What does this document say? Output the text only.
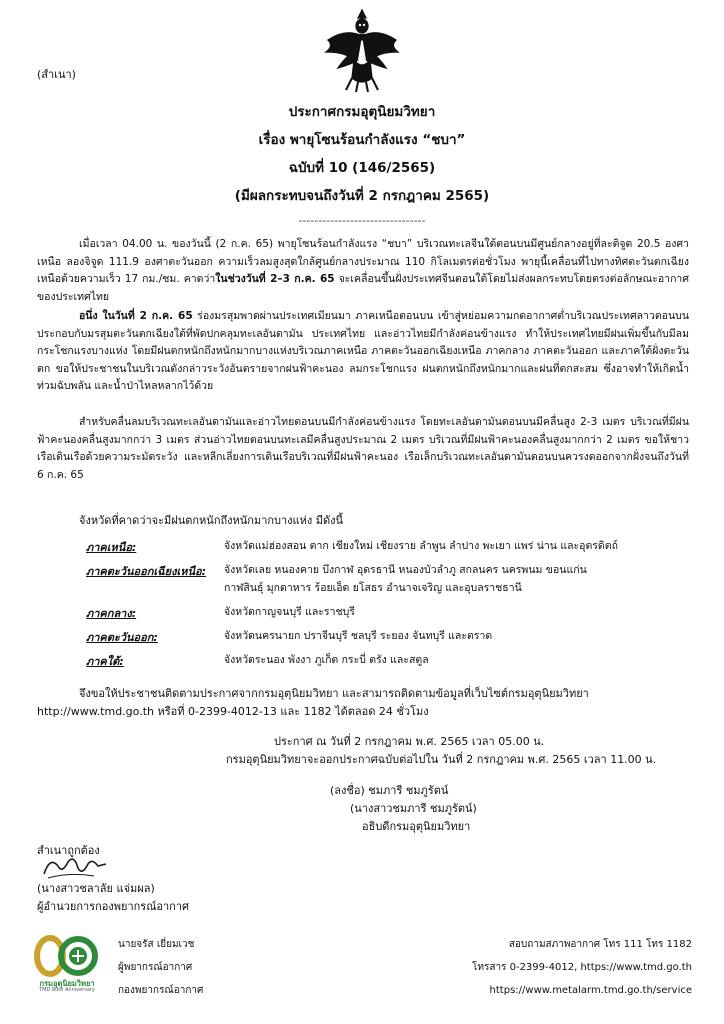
(สำเนา)
ประกาศกรมอุตุนิยมวิทยา
เรื่อง พายุโซนร้อนกำลังแรง “ชบา”
ฉบับที่ 10 (146/2565)
(มีผลกระทบจนถึงวันที่ 2 กรกฎาคม 2565)
--------------------------------
เมื่อเวลา 04.00 น. ของวันนี้ (2 ก.ค. 65) พายุโซนร้อนกำลังแรง “ชบา” บริเวณทะเลจีนใต้ตอนบนมีศูนย์กลางอยู่ที่ละติจูด 20.5 องศาเหนือ ลองจิจูด 111.9 องศาตะวันออก ความเร็วลมสูงสุดใกล้ศูนย์กลางประมาณ 110 กิโลเมตรต่อชั่วโมง พายุนี้เคลื่อนที่ไปทางทิศตะวันตกเฉียงเหนือด้วยความเร็ว 17 กม./ชม. คาดว่าในช่วงวันที่ 2–3 ก.ค. 65 จะเคลื่อนขึ้นฝั่งประเทศจีนตอนใต้โดยไม่ส่งผลกระทบโดยตรงต่อลักษณะอากาศของประเทศไทย
อนึ่ง ในวันที่ 2 ก.ค. 65 ร่องมรสุมพาดผ่านประเทศเมียนมา ภาคเหนือตอนบน เข้าสู่หย่อมความกดอากาศต่ำบริเวณประเทศลาวตอนบน ประกอบกับมรสุมตะวันตกเฉียงใต้ที่พัดปกคลุมทะเลอันดามัน ประเทศไทย และอ่าวไทยมีกำลังค่อนข้างแรง ทำให้ประเทศไทยมีฝนเพิ่มขึ้นกับมีลมกระโชกแรงบางแห่ง โดยมีฝนตกหนักถึงหนักมากบางแห่งบริเวณภาคเหนือ ภาคตะวันออกเฉียงเหนือ ภาคกลาง ภาคตะวันออก และภาคใต้ฝั่งตะวันตก ขอให้ประชาชนในบริเวณดังกล่าวระวังอันตรายจากฝนฟ้าคะนอง ลมกระโชกแรง ฝนตกหนักถึงหนักมากและฝนที่ตกสะสม ซึ่งอาจทำให้เกิดน้ำท่วมฉับพลัน และน้ำป่าไหลหลากไว้ด้วย
สำหรับคลื่นลมบริเวณทะเลอันดามันและอ่าวไทยตอนบนมีกำลังค่อนข้างแรง โดยทะเลอันดามันตอนบนมีคลื่นสูง 2-3 เมตร บริเวณที่มีฝนฟ้าคะนองคลื่นสูงมากกว่า 3 เมตร ส่วนอ่าวไทยตอนบนทะเลมีคลื่นสูงประมาณ 2 เมตร บริเวณที่มีฝนฟ้าคะนองคลื่นสูงมากกว่า 2 เมตร ขอให้ชาวเรือเดินเรือด้วยความระมัดระวัง และหลีกเลี่ยงการเดินเรือบริเวณที่มีฝนฟ้าคะนอง เรือเล็กบริเวณทะเลอันดามันตอนบนควรงดออกจากฝั่งจนถึงวันที่ 6 ก.ค. 65
จังหวัดที่คาดว่าจะมีฝนตกหนักถึงหนักมากบางแห่ง มีดังนี้
ภาคเหนือ:	จังหวัดแม่ฮ่องสอน ตาก เชียงใหม่ เชียงราย ลำพูน ลำปาง พะเยา แพร่ น่าน และอุตรดิตถ์
ภาคตะวันออกเฉียงเหนือ: จังหวัดเลย หนองคาย บึงกาฬ อุดรธานี หนองบัวลำภู สกลนคร นครพนม ขอนแก่น
กาฬสินธุ์ มุกดาหาร ร้อยเอ็ด ยโสธร อำนาจเจริญ และอุบลราชธานี
ภาคกลาง:	จังหวัดกาญจนบุรี และราชบุรี
ภาคตะวันออก:	จังหวัดนครนายก ปราจีนบุรี ชลบุรี ระยอง จันทบุรี และตราด
ภาคใต้:	จังหวัดระนอง พังงา ภูเก็ต กระบี่ ตรัง และสตูล
จึงขอให้ประชาชนติดตามประกาศจากกรมอุตุนิยมวิทยา และสามารถติดตามข้อมูลที่เว็บไซต์กรมอุตุนิยมวิทยา
http://www.tmd.go.th หรือที่ 0-2399-4012-13 และ 1182 ได้ตลอด 24 ชั่วโมง
ประกาศ ณ วันที่ 2 กรกฎาคม พ.ศ. 2565 เวลา 05.00 น.
กรมอุตุนิยมวิทยาจะออกประกาศฉบับต่อไปใน วันที่ 2 กรกฎาคม พ.ศ. 2565 เวลา 11.00 น.
(ลงชื่อ) ชมภารี ชมภูรัตน์
(นางสาวชมภารี ชมภูรัตน์)
อธิบดีกรมอุตุนิยมวิทยา
สำเนาถูกต้อง
(นางสาวชลาลัย แจ่มผล)
ผู้อำนวยการกองพยากรณ์อากาศ
กรมอุตุนิยมวิทยา
TMD 80th Anniversary
นายจรัส เยี่ยมเวช
ผู้พยากรณ์อากาศ
กองพยากรณ์อากาศ
สอบถามสภาพอากาศ โทร 111 โทร 1182
โทรสาร 0-2399-4012, https://www.tmd.go.th
https://www.metalarm.tmd.go.th/service
